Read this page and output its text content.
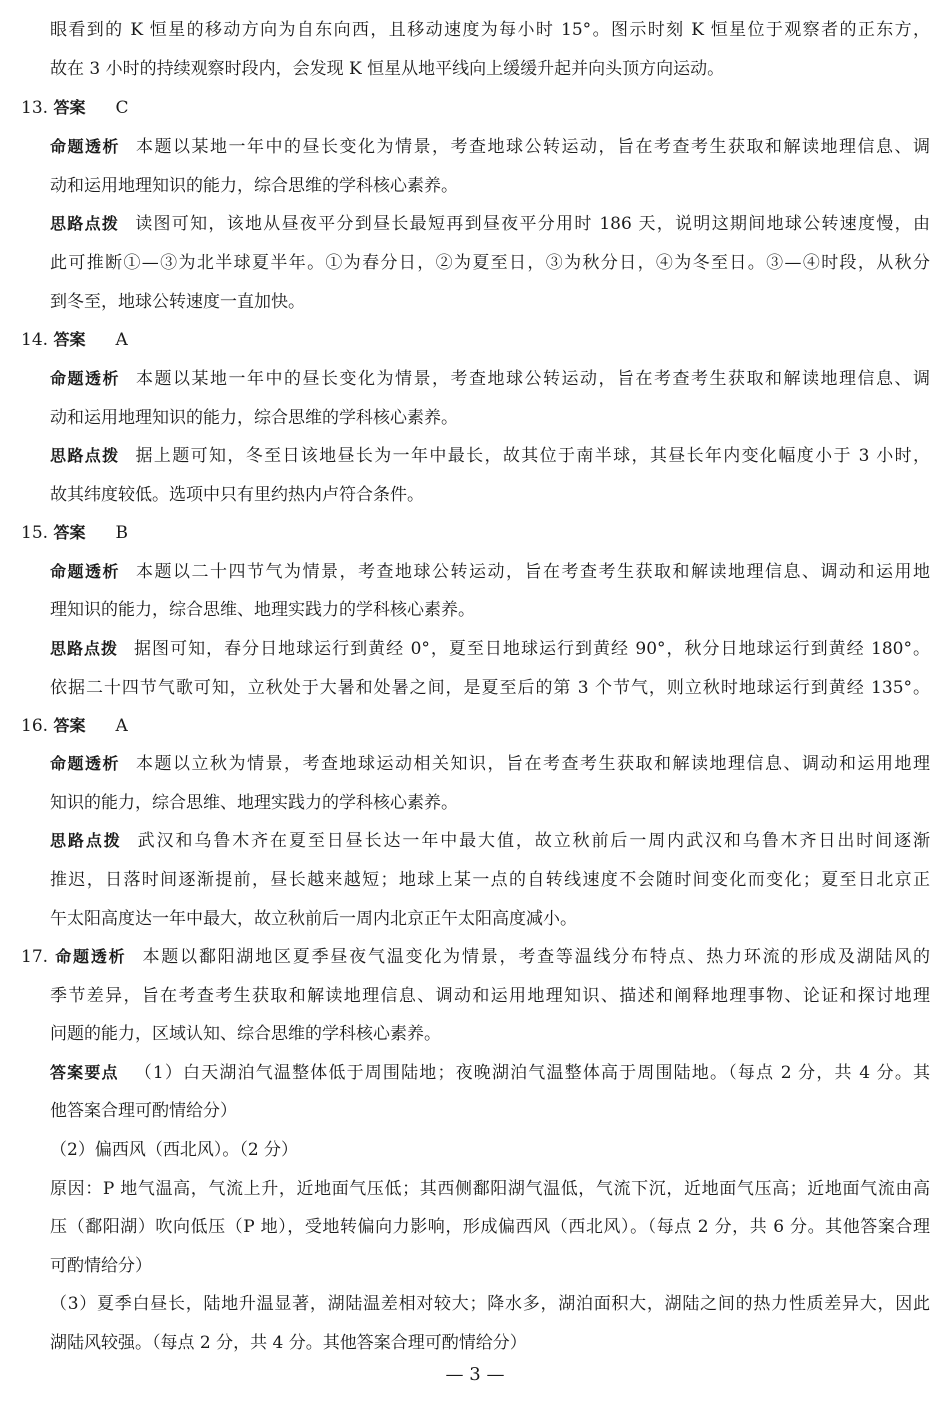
眼看到的 K 恒星的移动方向为自东向西，且移动速度为每小时 15°。图示时刻 K 恒星位于观察者的正东方，
故在 3 小时的持续观察时段内，会发现 K 恒星从地平线向上缓缓升起并向头顶方向运动。
13. 答案 C
命题透析 本题以某地一年中的昼长变化为情景，考查地球公转运动，旨在考查考生获取和解读地理信息、调
动和运用地理知识的能力，综合思维的学科核心素养。
思路点拨 读图可知，该地从昼夜平分到昼长最短再到昼夜平分用时 186 天，说明这期间地球公转速度慢，由
此可推断①—③为北半球夏半年。①为春分日，②为夏至日，③为秋分日，④为冬至日。③—④时段，从秋分
到冬至，地球公转速度一直加快。
14. 答案 A
命题透析 本题以某地一年中的昼长变化为情景，考查地球公转运动，旨在考查考生获取和解读地理信息、调
动和运用地理知识的能力，综合思维的学科核心素养。
思路点拨 据上题可知，冬至日该地昼长为一年中最长，故其位于南半球，其昼长年内变化幅度小于 3 小时，
故其纬度较低。选项中只有里约热内卢符合条件。
15. 答案 B
命题透析 本题以二十四节气为情景，考查地球公转运动，旨在考查考生获取和解读地理信息、调动和运用地
理知识的能力，综合思维、地理实践力的学科核心素养。
思路点拨 据图可知，春分日地球运行到黄经 0°，夏至日地球运行到黄经 90°，秋分日地球运行到黄经 180°。
依据二十四节气歌可知，立秋处于大暑和处暑之间，是夏至后的第 3 个节气，则立秋时地球运行到黄经 135°。
16. 答案 A
命题透析 本题以立秋为情景，考查地球运动相关知识，旨在考查考生获取和解读地理信息、调动和运用地理
知识的能力，综合思维、地理实践力的学科核心素养。
思路点拨 武汉和乌鲁木齐在夏至日昼长达一年中最大值，故立秋前后一周内武汉和乌鲁木齐日出时间逐渐
推迟，日落时间逐渐提前，昼长越来越短；地球上某一点的自转线速度不会随时间变化而变化；夏至日北京正
午太阳高度达一年中最大，故立秋前后一周内北京正午太阳高度减小。
17. 命题透析 本题以鄱阳湖地区夏季昼夜气温变化为情景，考查等温线分布特点、热力环流的形成及湖陆风的
季节差异，旨在考查考生获取和解读地理信息、调动和运用地理知识、描述和阐释地理事物、论证和探讨地理
问题的能力，区域认知、综合思维的学科核心素养。
答案要点 （1）白天湖泊气温整体低于周围陆地；夜晚湖泊气温整体高于周围陆地。（每点 2 分，共 4 分。其
他答案合理可酌情给分）
（2）偏西风（西北风）。（2 分）
原因：P 地气温高，气流上升，近地面气压低；其西侧鄱阳湖气温低，气流下沉，近地面气压高；近地面气流由高
压（鄱阳湖）吹向低压（P 地），受地转偏向力影响，形成偏西风（西北风）。（每点 2 分，共 6 分。其他答案合理
可酌情给分）
（3）夏季白昼长，陆地升温显著，湖陆温差相对较大；降水多，湖泊面积大，湖陆之间的热力性质差异大，因此
湖陆风较强。（每点 2 分，共 4 分。其他答案合理可酌情给分）
— 3 —
